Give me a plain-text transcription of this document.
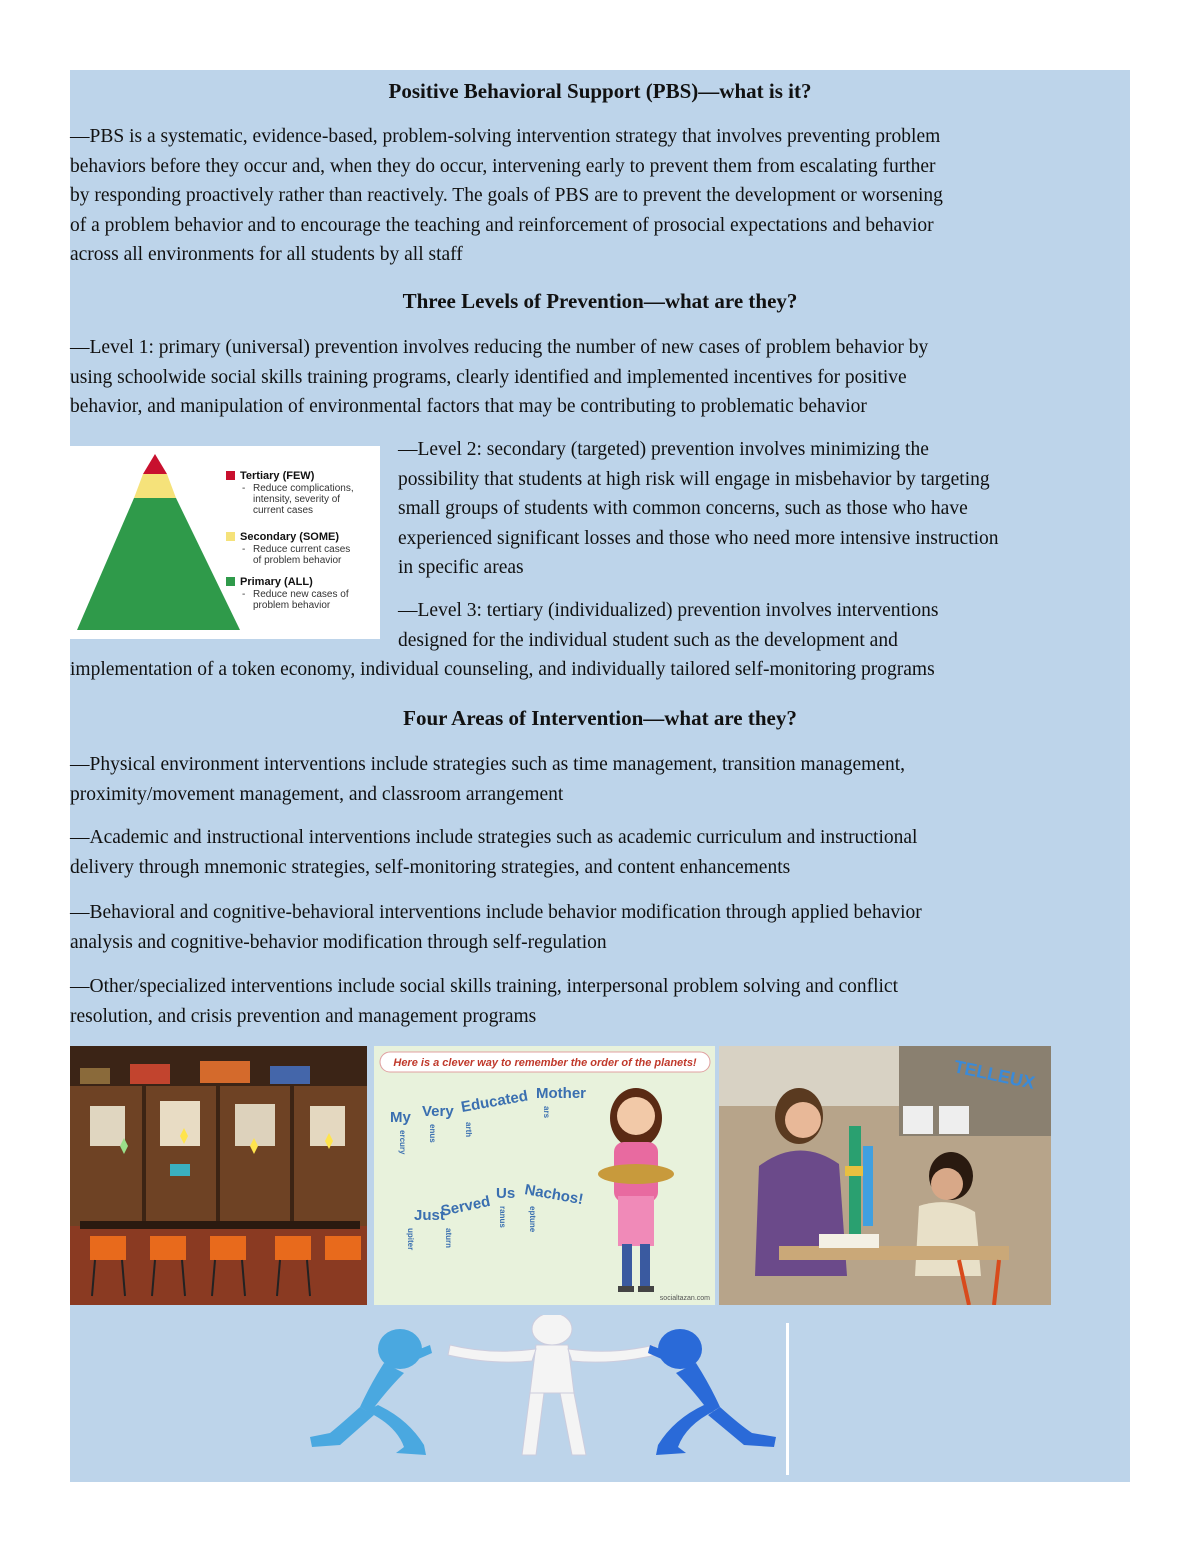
Positive Behavioral Support (PBS)—what is it?
—PBS is a systematic, evidence-based, problem-solving intervention strategy that involves preventing problem
behaviors before they occur and, when they do occur, intervening early to prevent them from escalating further
by responding proactively rather than reactively. The goals of PBS are to prevent the development or worsening
of a problem behavior and to encourage the teaching and reinforcement of prosocial expectations and behavior
across all environments for all students by all staff
Three Levels of Prevention—what are they?
—Level 1: primary (universal) prevention involves reducing the number of new cases of problem behavior by
using schoolwide social skills training programs, clearly identified and implemented incentives for positive
behavior, and manipulation of environmental factors that may be contributing to problematic behavior
Tertiary (FEW)
- Reduce complications,
intensity, severity of
current cases
Secondary (SOME)
- Reduce current cases
of problem behavior
Primary (ALL)
- Reduce new cases of
problem behavior
—Level 2: secondary (targeted) prevention involves minimizing the
possibility that students at high risk will engage in misbehavior by targeting
small groups of students with common concerns, such as those who have
experienced significant losses and those who need more intensive instruction
in specific areas
—Level 3: tertiary (individualized) prevention involves interventions
designed for the individual student such as the development and
implementation of a token economy, individual counseling, and individually tailored self-monitoring programs
Four Areas of Intervention—what are they?
—Physical environment interventions include strategies such as time management, transition management,
proximity/movement management, and classroom arrangement
—Academic and instructional interventions include strategies such as academic curriculum and instructional
delivery through mnemonic strategies, self-monitoring strategies, and content enhancements
—Behavioral and cognitive-behavioral interventions include behavior modification through applied behavior
analysis and cognitive-behavior modification through self-regulation
—Other/specialized interventions include social skills training, interpersonal problem solving and conflict
resolution, and crisis prevention and management programs
Here is a clever way to remember the order of the planets!
My Very Educated Mother
Just
Served Us Nachos!
ercury	enus	arth
ars
upiter	aturn
ranus	eptune
socialtazan.com
TELLEUX
